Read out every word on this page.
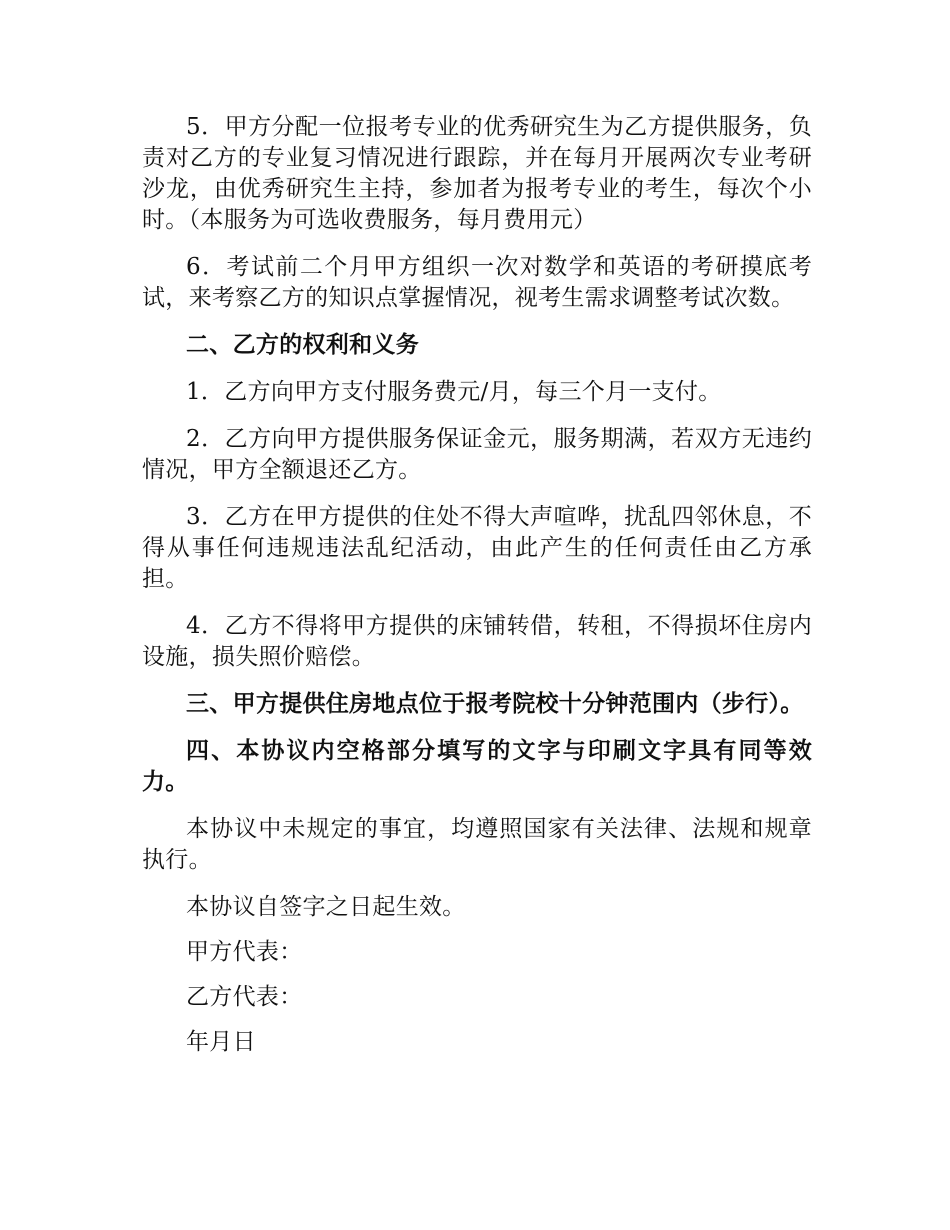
5．甲方分配一位报考专业的优秀研究生为乙方提供服务，负责对乙方的专业复习情况进行跟踪，并在每月开展两次专业考研沙龙，由优秀研究生主持，参加者为报考专业的考生，每次个小时。（本服务为可选收费服务，每月费用元）

6．考试前二个月甲方组织一次对数学和英语的考研摸底考试，来考察乙方的知识点掌握情况，视考生需求调整考试次数。

二、乙方的权利和义务

1．乙方向甲方支付服务费元/月，每三个月一支付。

2．乙方向甲方提供服务保证金元，服务期满，若双方无违约情况，甲方全额退还乙方。

3．乙方在甲方提供的住处不得大声喧哗，扰乱四邻休息，不得从事任何违规违法乱纪活动，由此产生的任何责任由乙方承担。

4．乙方不得将甲方提供的床铺转借，转租，不得损坏住房内设施，损失照价赔偿。

三、甲方提供住房地点位于报考院校十分钟范围内（步行）。

四、本协议内空格部分填写的文字与印刷文字具有同等效力。

本协议中未规定的事宜，均遵照国家有关法律、法规和规章执行。

本协议自签字之日起生效。

甲方代表：

乙方代表：

年月日
